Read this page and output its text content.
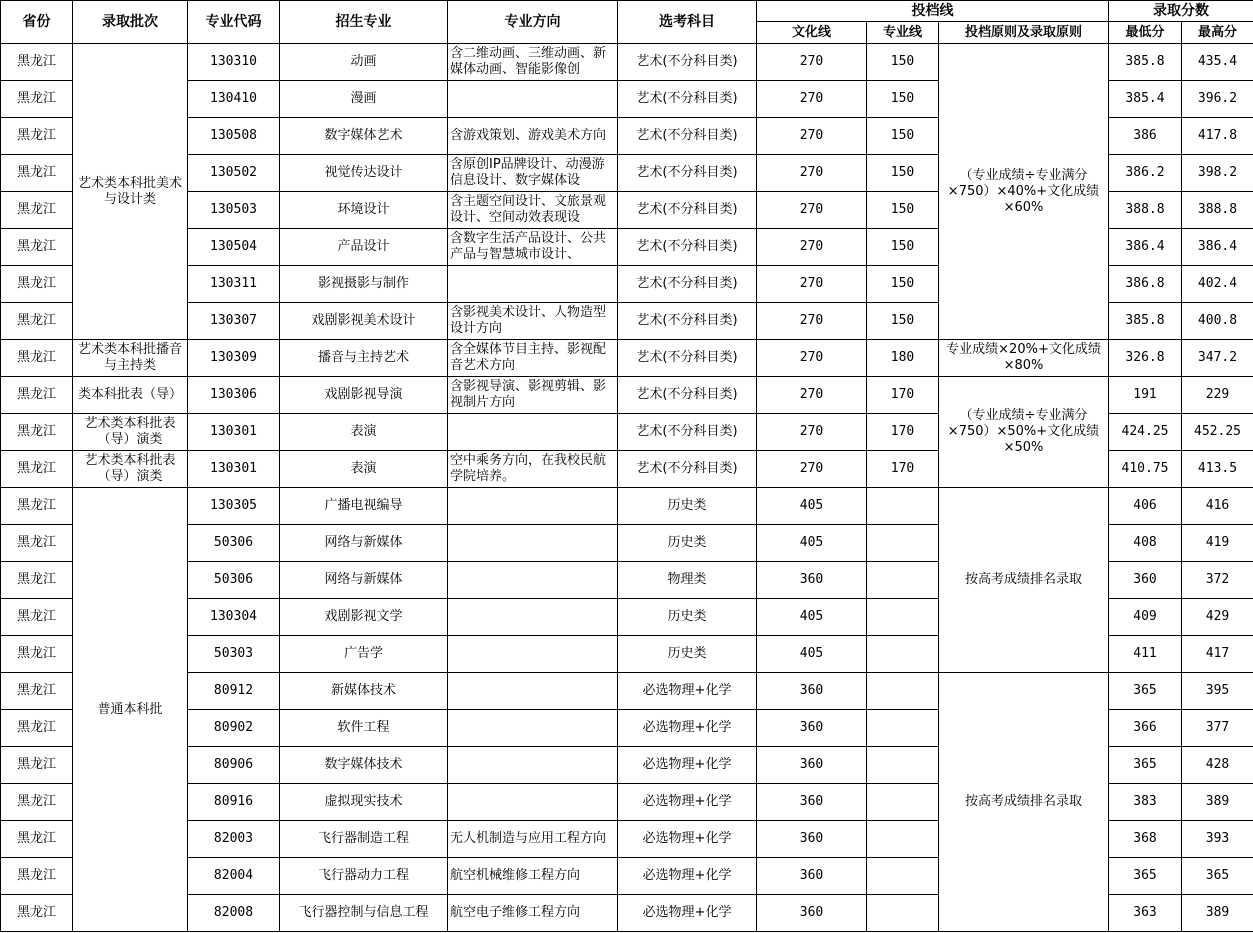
省份	录取批次	专业代码	招生专业	专业方向	选考科目	投档线			录取分数	
						文化线	专业线	投档原则及录取原则	最低分	最高分
黑龙江	艺术类本科批美术与设计类	130310	动画	含二维动画、三维动画、新媒体动画、智能影像创	艺术(不分科目类)	270	150	（专业成绩÷专业满分×750）×40%+文化成绩×60%	385.8	435.4
黑龙江		130410	漫画		艺术(不分科目类)	270	150		385.4	396.2
黑龙江		130508	数字媒体艺术	含游戏策划、游戏美术方向	艺术(不分科目类)	270	150		386	417.8
黑龙江		130502	视觉传达设计	含原创IP品牌设计、动漫游信息设计、数字媒体设	艺术(不分科目类)	270	150		386.2	398.2
黑龙江		130503	环境设计	含主题空间设计、文旅景观设计、空间动效表现设	艺术(不分科目类)	270	150		388.8	388.8
黑龙江		130504	产品设计	含数字生活产品设计、公共产品与智慧城市设计、	艺术(不分科目类)	270	150		386.4	386.4
黑龙江		130311	影视摄影与制作		艺术(不分科目类)	270	150		386.8	402.4
黑龙江		130307	戏剧影视美术设计	含影视美术设计、人物造型设计方向	艺术(不分科目类)	270	150		385.8	400.8
黑龙江	艺术类本科批播音与主持类	130309	播音与主持艺术	含全媒体节目主持、影视配音艺术方向	艺术(不分科目类)	270	180	专业成绩×20%+文化成绩×80%	326.8	347.2
黑龙江	类本科批表（导）	130306	戏剧影视导演	含影视导演、影视剪辑、影视制片方向	艺术(不分科目类)	270	170	（专业成绩÷专业满分×750）×50%+文化成绩×50%	191	229
黑龙江	艺术类本科批表（导）演类	130301	表演		艺术(不分科目类)	270	170		424.25	452.25
黑龙江	艺术类本科批表（导）演类	130301	表演	空中乘务方向，在我校民航学院培养。	艺术(不分科目类)	270	170		410.75	413.5
黑龙江	普通本科批	130305	广播电视编导		历史类	405		按高考成绩排名录取	406	416
黑龙江		50306	网络与新媒体		历史类	405			408	419
黑龙江		50306	网络与新媒体		物理类	360			360	372
黑龙江		130304	戏剧影视文学		历史类	405			409	429
黑龙江		50303	广告学		历史类	405			411	417
黑龙江		80912	新媒体技术		必选物理+化学	360		按高考成绩排名录取	365	395
黑龙江		80902	软件工程		必选物理+化学	360			366	377
黑龙江		80906	数字媒体技术		必选物理+化学	360			365	428
黑龙江		80916	虚拟现实技术		必选物理+化学	360			383	389
黑龙江		82003	飞行器制造工程	无人机制造与应用工程方向	必选物理+化学	360			368	393
黑龙江		82004	飞行器动力工程	航空机械维修工程方向	必选物理+化学	360			365	365
黑龙江		82008	飞行器控制与信息工程	航空电子维修工程方向	必选物理+化学	360			363	389
